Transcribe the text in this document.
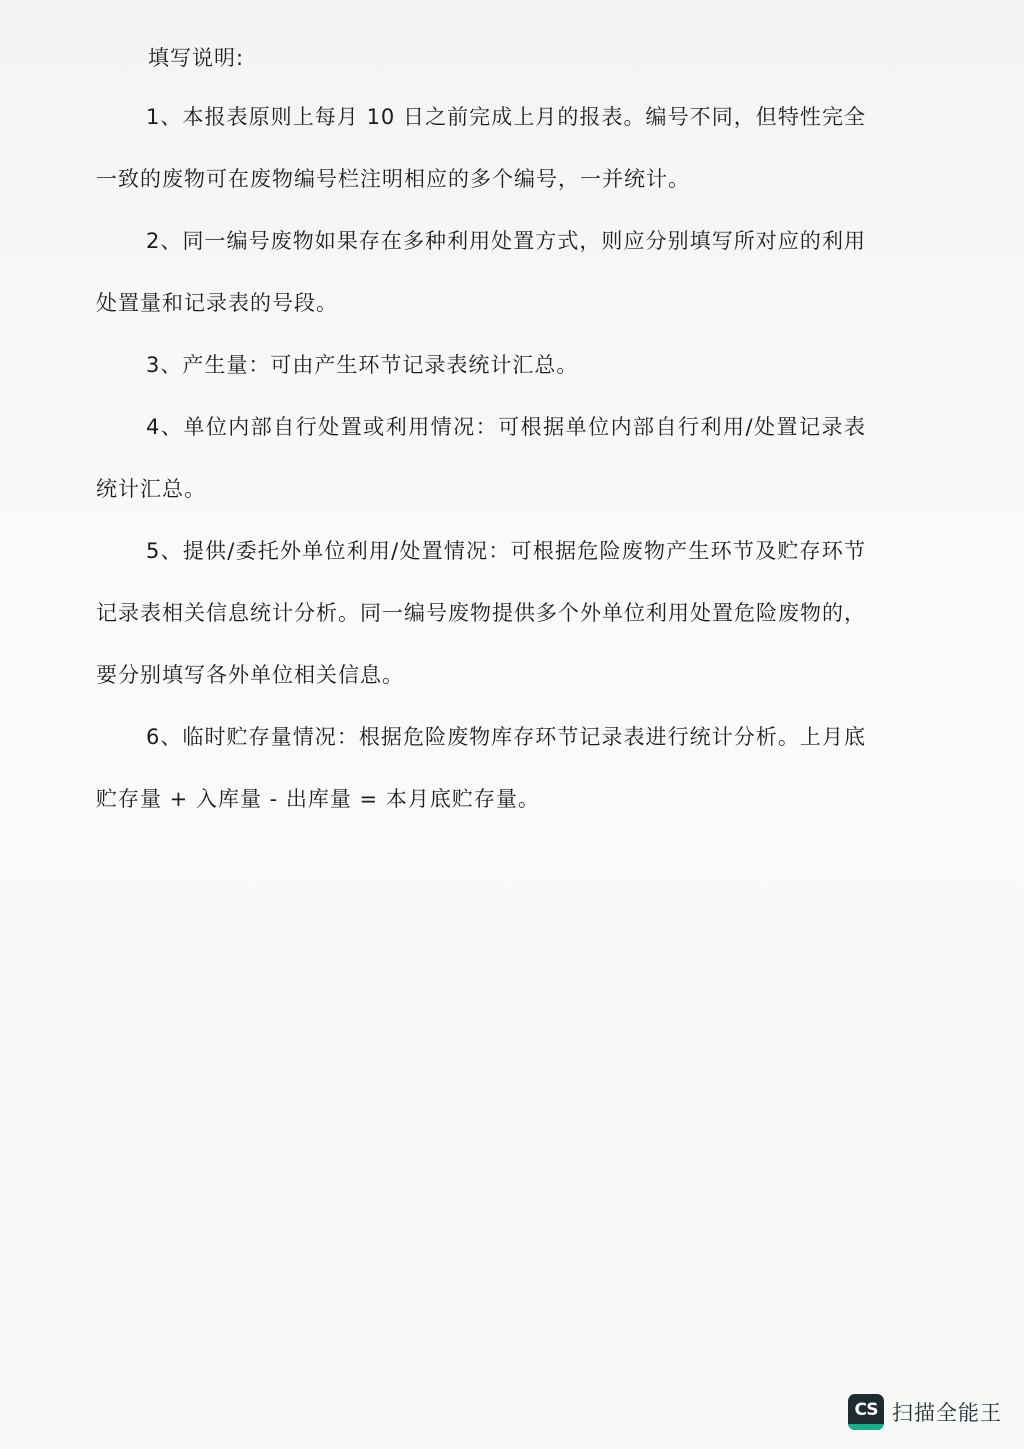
填写说明:
1、本报表原则上每月 10 日之前完成上月的报表。编号不同，但特性完全一致的废物可在废物编号栏注明相应的多个编号，一并统计。
2、同一编号废物如果存在多种利用处置方式，则应分别填写所对应的利用处置量和记录表的号段。
3、产生量：可由产生环节记录表统计汇总。
4、单位内部自行处置或利用情况：可根据单位内部自行利用/处置记录表统计汇总。
5、提供/委托外单位利用/处置情况：可根据危险废物产生环节及贮存环节记录表相关信息统计分析。同一编号废物提供多个外单位利用处置危险废物的，要分别填写各外单位相关信息。
6、临时贮存量情况：根据危险废物库存环节记录表进行统计分析。上月底贮存量 + 入库量 - 出库量 = 本月底贮存量。
CS 扫描全能王
